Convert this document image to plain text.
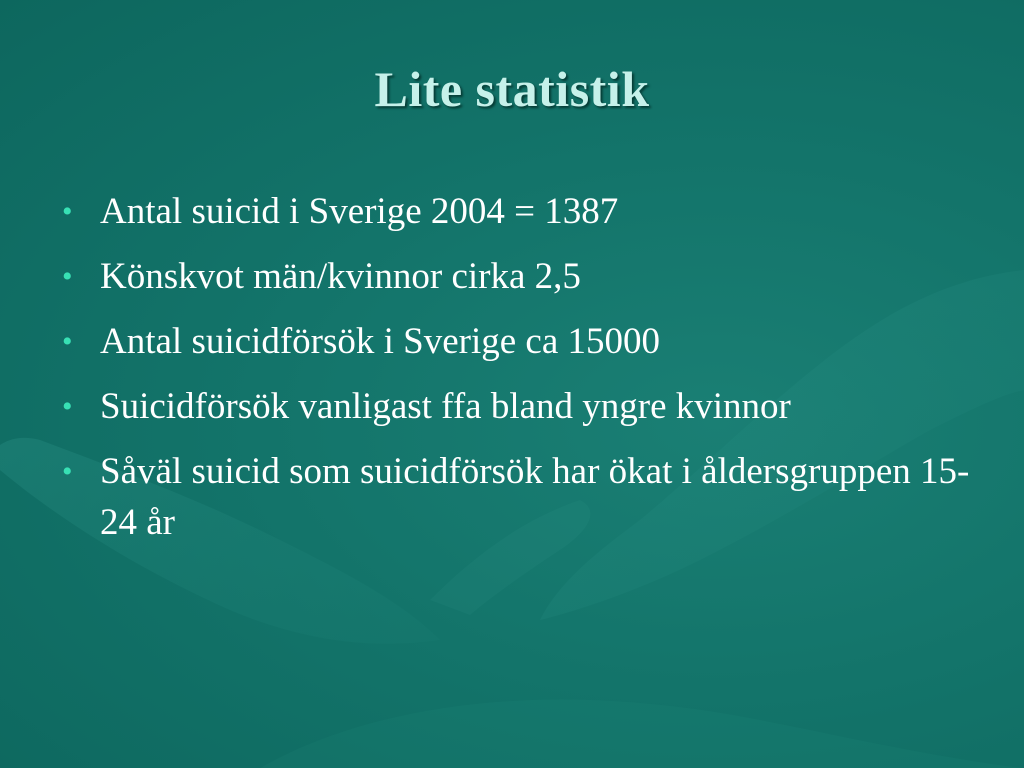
Lite statistik
• Antal suicid i Sverige 2004 = 1387
• Könskvot män/kvinnor cirka 2,5
• Antal suicidförsök i Sverige ca 15000
• Suicidförsök vanligast ffa bland yngre kvinnor
• Såväl suicid som suicidförsök har ökat i åldersgruppen 15-24 år
